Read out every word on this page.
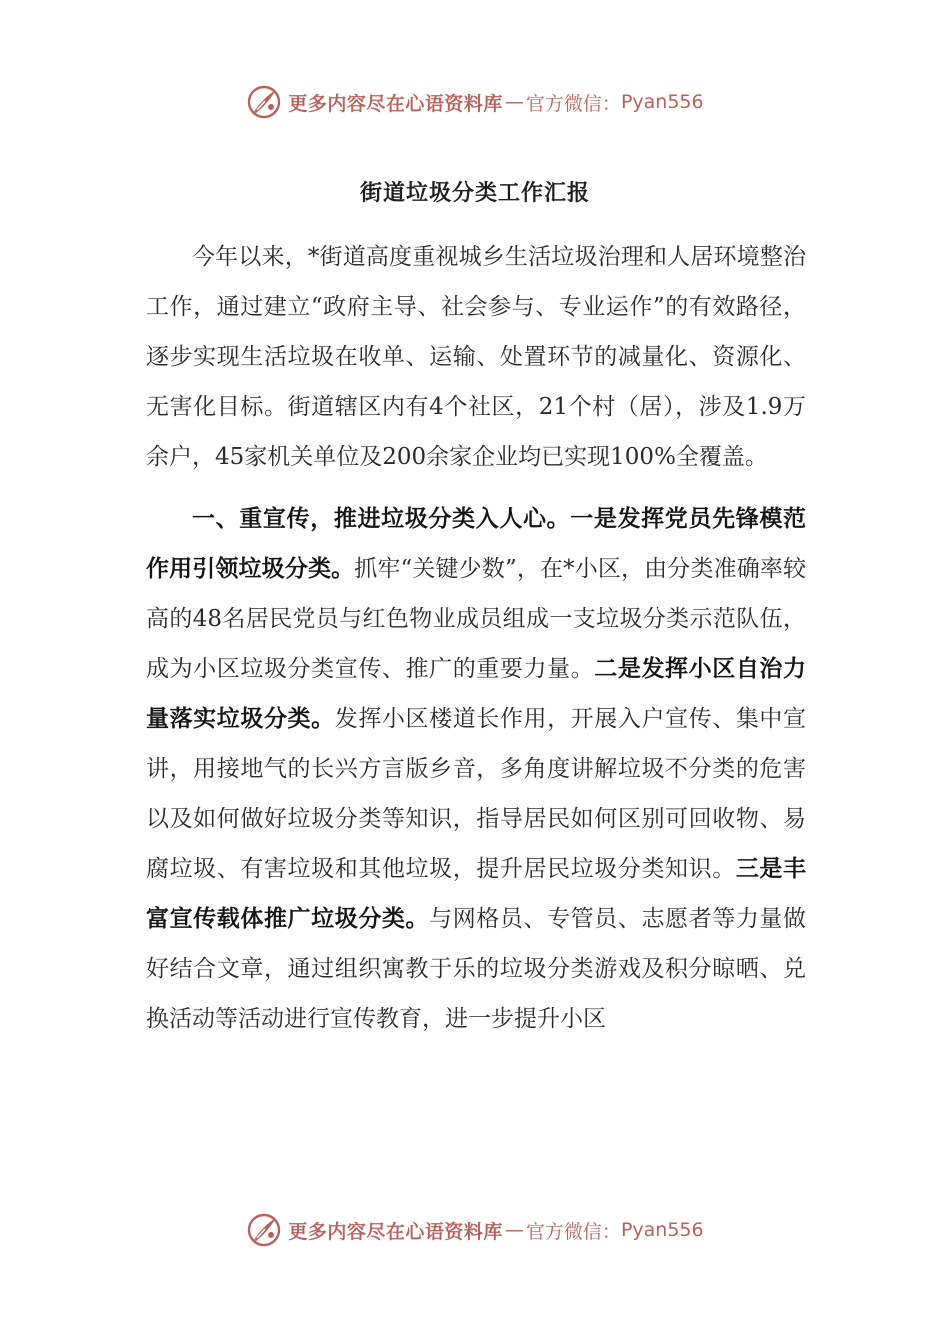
更多内容尽在心语资料库 — 官方微信： Pyan556
街道垃圾分类工作汇报

今年以来，*街道高度重视城乡生活垃圾治理和人居环境整治工作，通过建立“政府主导、社会参与、专业运作”的有效路径，逐步实现生活垃圾在收单、运输、处置环节的减量化、资源化、无害化目标。街道辖区内有4个社区，21个村（居），涉及1.9万余户，45家机关单位及200余家企业均已实现100%全覆盖。

一、重宣传，推进垃圾分类入人心。一是发挥党员先锋模范作用引领垃圾分类。抓牢“关键少数”，在*小区，由分类准确率较高的48名居民党员与红色物业成员组成一支垃圾分类示范队伍，成为小区垃圾分类宣传、推广的重要力量。二是发挥小区自治力量落实垃圾分类。发挥小区楼道长作用，开展入户宣传、集中宣讲，用接地气的长兴方言版乡音，多角度讲解垃圾不分类的危害以及如何做好垃圾分类等知识，指导居民如何区别可回收物、易腐垃圾、有害垃圾和其他垃圾，提升居民垃圾分类知识。三是丰富宣传载体推广垃圾分类。与网格员、专管员、志愿者等力量做好结合文章，通过组织寓教于乐的垃圾分类游戏及积分晾晒、兑换活动等活动进行宣传教育，进一步提升小区

更多内容尽在心语资料库 — 官方微信： Pyan556
